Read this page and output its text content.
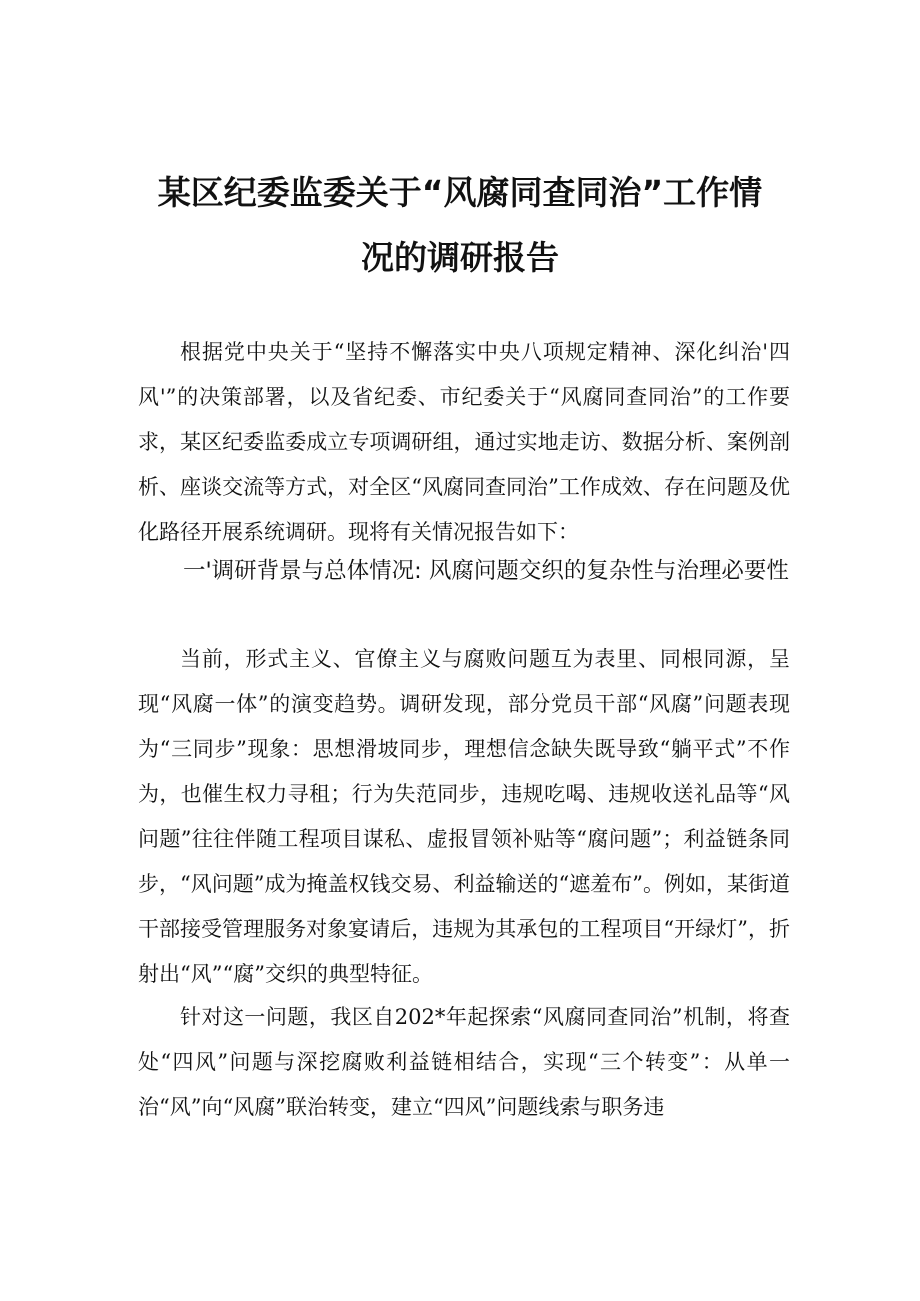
某区纪委监委关于“风腐同查同治”工作情
况的调研报告

根据党中央关于“坚持不懈落实中央八项规定精神、深化纠治'四风'”的决策部署，以及省纪委、市纪委关于“风腐同查同治”的工作要求，某区纪委监委成立专项调研组，通过实地走访、数据分析、案例剖析、座谈交流等方式，对全区“风腐同查同治”工作成效、存在问题及优化路径开展系统调研。现将有关情况报告如下：

一'调研背景与总体情况: 风腐问题交织的复杂性与治理必要性

当前，形式主义、官僚主义与腐败问题互为表里、同根同源，呈现“风腐一体”的演变趋势。调研发现，部分党员干部“风腐”问题表现为“三同步”现象：思想滑坡同步，理想信念缺失既导致“躺平式”不作为，也催生权力寻租；行为失范同步，违规吃喝、违规收送礼品等“风问题”往往伴随工程项目谋私、虚报冒领补贴等“腐问题”；利益链条同步，“风问题”成为掩盖权钱交易、利益输送的“遮羞布”。例如，某街道干部接受管理服务对象宴请后，违规为其承包的工程项目“开绿灯”，折射出“风”“腐”交织的典型特征。

针对这一问题，我区自202*年起探索“风腐同查同治”机制，将查处“四风”问题与深挖腐败利益链相结合，实现“三个转变”：从单一治“风”向“风腐”联治转变，建立“四风”问题线索与职务违
